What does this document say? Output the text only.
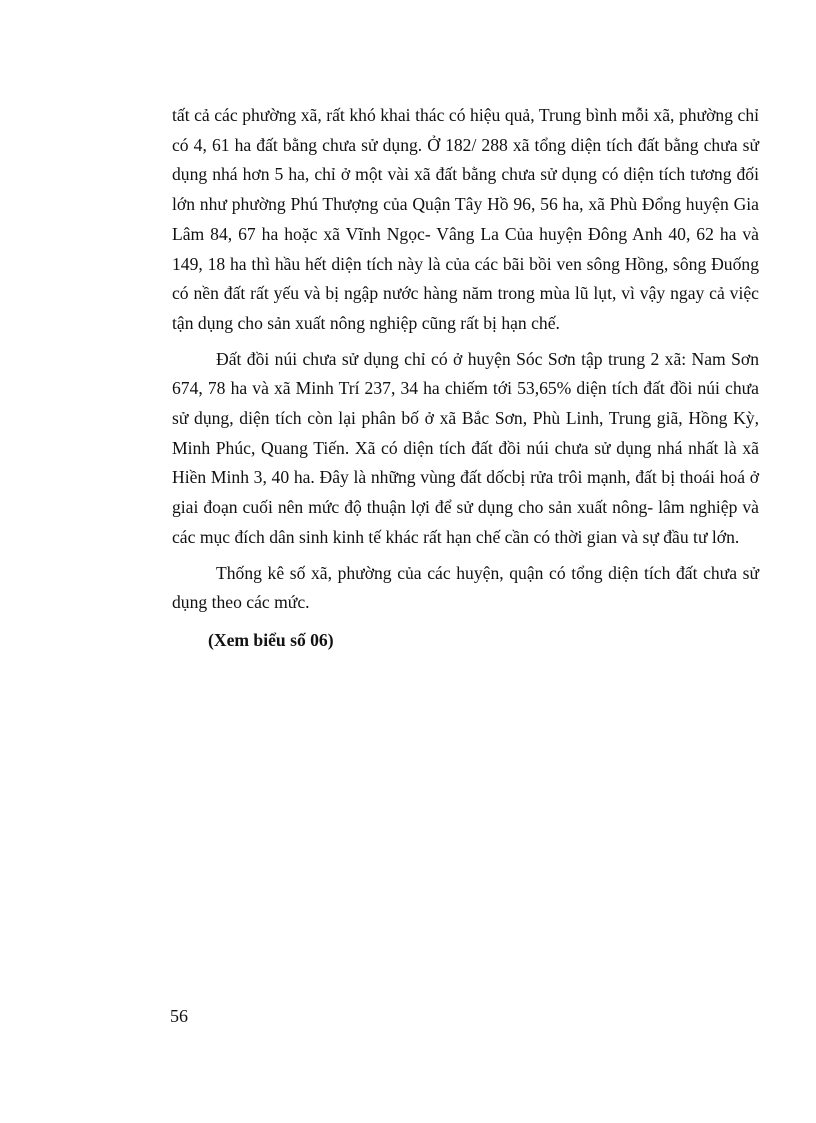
tất cả các phường xã, rất khó khai thác có hiệu quả, Trung bình mỗi xã, phường chỉ có 4, 61 ha đất bằng chưa sử dụng. Ở 182/ 288 xã tổng diện tích đất bằng chưa sử dụng nhá hơn 5 ha, chỉ ở một vài xã đất bằng chưa sử dụng có diện tích tương đối lớn như phường Phú Thượng của Quận Tây Hồ 96, 56 ha, xã Phù Đổng huyện Gia Lâm 84, 67 ha hoặc xã Vĩnh Ngọc- Vâng La Của huyện Đông Anh 40, 62 ha và 149, 18 ha thì hầu hết diện tích này là của các bãi bồi ven sông Hồng, sông Đuống có nền đất rất yếu và bị ngập nước hàng năm trong mùa lũ lụt, vì vậy ngay cả việc tận dụng cho sản xuất nông nghiệp cũng rất bị hạn chế.

Đất đồi núi chưa sử dụng chỉ có ở huyện Sóc Sơn tập trung 2 xã: Nam Sơn 674, 78 ha và xã Minh Trí 237, 34 ha chiếm tới 53,65% diện tích đất đồi núi chưa sử dụng, diện tích còn lại phân bố ở xã Bắc Sơn, Phù Linh, Trung giã, Hồng Kỳ, Minh Phúc, Quang Tiến. Xã có diện tích đất đồi núi chưa sử dụng nhá nhất là xã Hiền Minh 3, 40 ha. Đây là những vùng đất dốcbị rửa trôi mạnh, đất bị thoái hoá ở giai đoạn cuối nên mức độ thuận lợi để sử dụng cho sản xuất nông- lâm nghiệp và các mục đích dân sinh kinh tế khác rất hạn chế cần có thời gian và sự đầu tư lớn.

Thống kê số xã, phường của các huyện, quận có tổng diện tích đất chưa sử dụng theo các mức.

(Xem biểu số 06)

56
